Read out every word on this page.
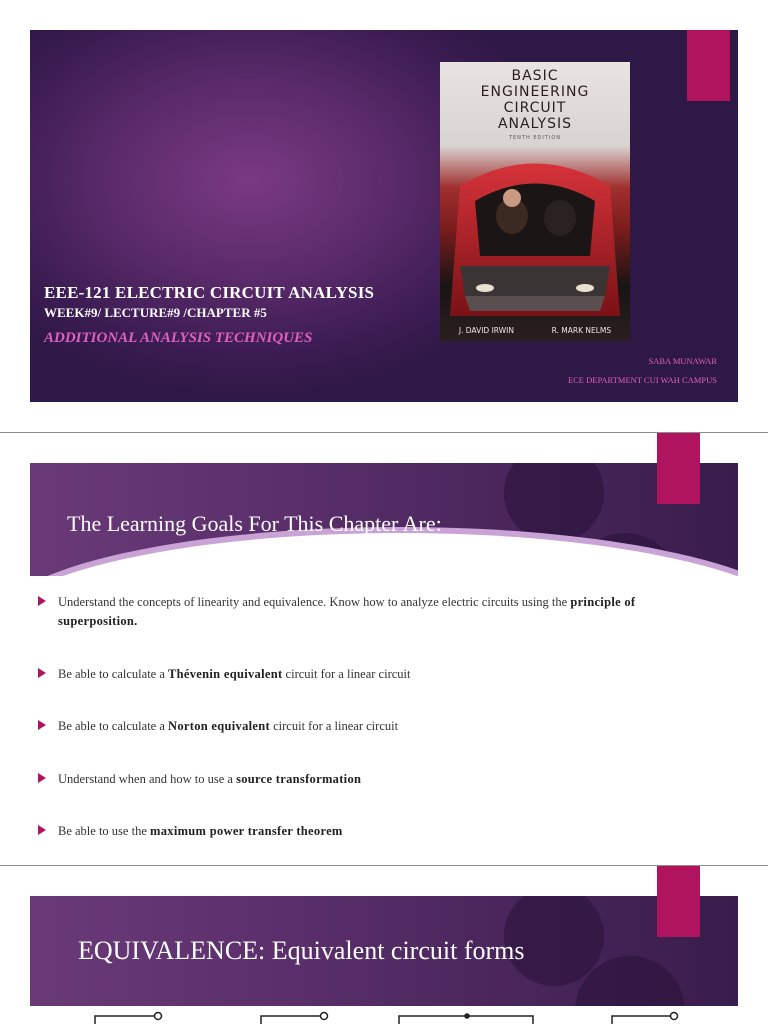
BASIC
ENGINEERING
CIRCUIT
ANALYSIS
TENTH EDITION
J. DAVID IRWIN	R. MARK NELMS
EEE-121 ELECTRIC CIRCUIT ANALYSIS
WEEK#9/ LECTURE#9 /CHAPTER #5
ADDITIONAL ANALYSIS TECHNIQUES
SABA MUNAWAR
ECE DEPARTMENT CUI WAH CAMPUS
The Learning Goals For This Chapter Are:
Understand the concepts of linearity and equivalence. Know how to analyze electric circuits using the principle of superposition.
Be able to calculate a Thévenin equivalent circuit for a linear circuit
Be able to calculate a Norton equivalent circuit for a linear circuit
Understand when and how to use a source transformation
Be able to use the maximum power transfer theorem
EQUIVALENCE: Equivalent circuit forms
